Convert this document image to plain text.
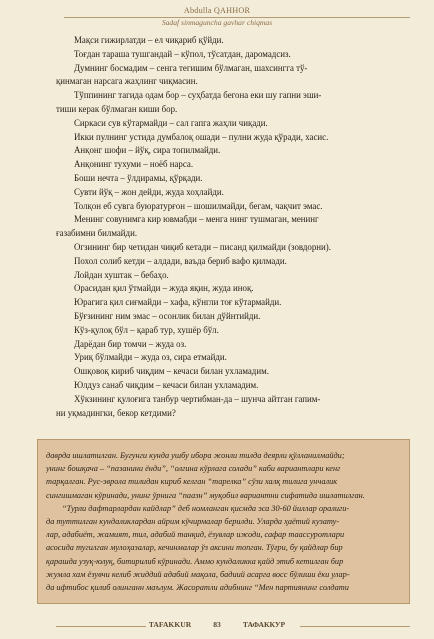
Abdulla QAHHOR
Sadaf sinmaguncha gavhar chiqmas
Мақси гижирлатди – ел чиқариб қўйди.
Тоғдан тараша тушгандай – кўпол, тўсатдан, даромадсиз.
Думнинг босмадим – сенга тегишим бўлмаган, шахсингга тў-
қинмаган нарсага жаҳлинг чиқмасин.
Тўппининг тагида одам бор – суҳбатда бегона еки шу гапни эши-
тиши керак бўлмаган киши бор.
Сиркаси сув кўтармайди – сал гапга жаҳли чиқади.
Икки пулнинг устида думбалоқ ошади – пулни жуда қўради, хасис.
Анқонг шофи – йўқ, сира топилмайди.
Анқонинг тухуми – ноёб нарса.
Боши нечта – ўлдирамы, қўрқади.
Сувти йўқ – жон дейди, жуда хоҳлайди.
Толқон еб сувга буюратурғон – шошилмайди, бегам, чақчит эмас.
Менинг совунимга кир ювмабди – менга нинг тушмаган, менинг
ғазабимни билмайди.
Огзининг бир четидан чиқиб кетади – писанд қилмайди (зовдорни).
Похол солиб кетди – алдади, ваъда бериб вафо қилмади.
Лойдан хуштак – бебаҳо.
Орасидан қил ўтмайди – жуда яқин, жуда иноқ.
Юрагига қил сиғмайди – хафа, кўнгли тоғ кўтармайди.
Бўғзининг ним эмас – осонлик билан дўйнтийди.
Кўз-қулоқ бўл – қараб тур, хушёр бўл.
Дарёдан бир томчи – жуда оз.
Уриқ бўлмайди – жуда оз, сира етмайди.
Ошқовоқ кириб чиқдим – кечаси билан ухламадим.
Юлдуз санаб чиқдим – кечаси билан ухламадим.
Хўкзининг қулоғига танбур чертибман-да – шунча айтган гапим-
ни уқмадингки, бекор кетдими?
даврда ишлатилган. Бугунги кунда ушбу ибора жонли тилда деярли қўлланилмайди;
унинг бошқача – “пазанини ёнди”, “олгина кўрлага солади” каби вариантлари кенг
тарқалган. Рус-эврола тилидан кириб келган “тарелка” сўзи халқ тилига унчалик
сингишмаган кўринади, унинг ўрнига “паазн” муқобил вариантни сифатида ишлатилган.
“Турли дафтарлардан кайдлар” деб номланган қисмда эса 30-60 йиллар оралиги-
да туттилган кундаликлардан айрим кўчирмалар берилди. Уларда ҳаётий кузату-
лар, адабиёт, жамият, тил, адабий танқид, ёзувлар ижоди, сафар таассуротлари
асосида тугилган мулоҳазалар, кечинмалар ўз аксини топган. Тўғри, бу қайдлар бир
қарашда узуқ-юлуқ, битирилиб кўринади. Аммо кундаликка қайд этиб кетилган бир
жумла хам ёзувчи келиб жиддий адабий мақола, бадиий асарга восс бўлиши ёки улар-
да ифтибос қилиб олинганн маълум. Жасоратли адибнинг “Мен партиянинг солдати
TAFAKKUR	83	ТАФАККУР
